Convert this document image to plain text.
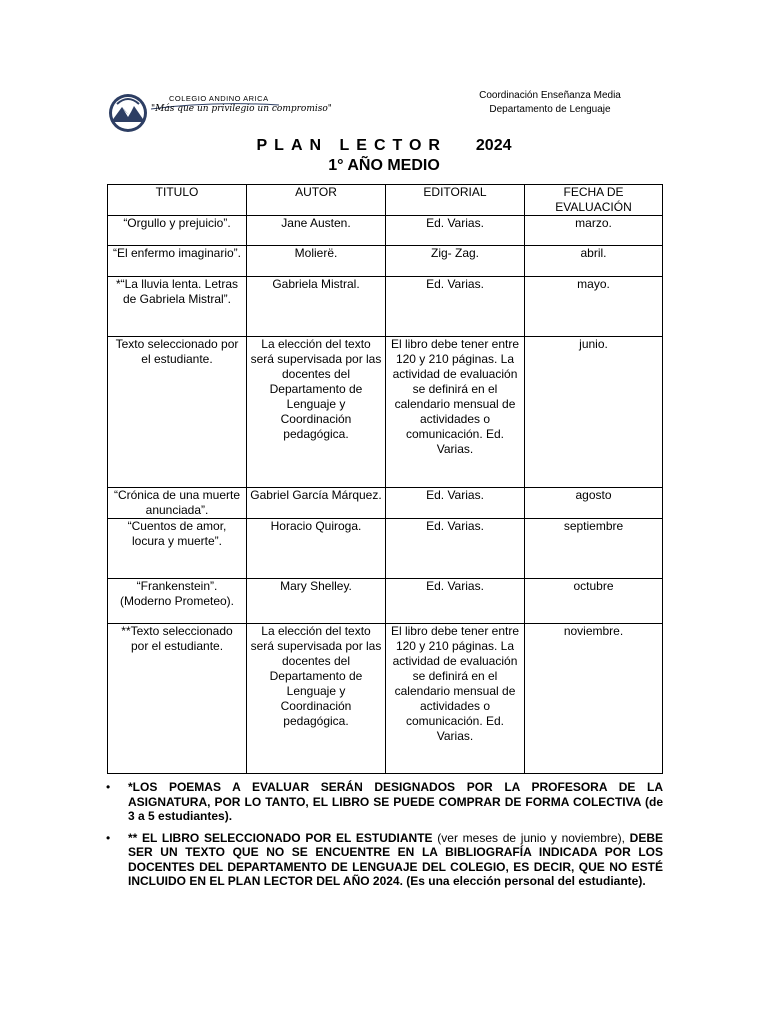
COLEGIO ANDINO ARICA
"Más que un privilegio un compromiso"
Coordinación Enseñanza Media
Departamento de Lenguaje
PLAN LECTOR 2024
1° AÑO MEDIO
TITULO	AUTOR	EDITORIAL	FECHA DE EVALUACIÓN
“Orgullo y prejuicio”.	Jane Austen.	Ed. Varias.	marzo.
“El enfermo imaginario”.	Molierë.	Zig- Zag.	abril.
*“La lluvia lenta. Letras de Gabriela Mistral”.	Gabriela Mistral.	Ed. Varias.	mayo.
Texto seleccionado por el estudiante.	La elección del texto será supervisada por las docentes del Departamento de Lenguaje y Coordinación pedagógica.	El libro debe tener entre 120 y 210 páginas. La actividad de evaluación se definirá en el calendario mensual de actividades o comunicación. Ed. Varias.	junio.
“Crónica de una muerte anunciada”.	Gabriel García Márquez.	Ed. Varias.	agosto
“Cuentos de amor, locura y muerte”.	Horacio Quiroga.	Ed. Varias.	septiembre
“Frankenstein”. (Moderno Prometeo).	Mary Shelley.	Ed. Varias.	octubre
**Texto seleccionado por el estudiante.	La elección del texto será supervisada por las docentes del Departamento de Lenguaje y Coordinación pedagógica.	El libro debe tener entre 120 y 210 páginas. La actividad de evaluación se definirá en el calendario mensual de actividades o comunicación. Ed. Varias.	noviembre.
• *LOS POEMAS A EVALUAR SERÁN DESIGNADOS POR LA PROFESORA DE LA ASIGNATURA, POR LO TANTO, EL LIBRO SE PUEDE COMPRAR DE FORMA COLECTIVA (de 3 a 5 estudiantes).
• ** EL LIBRO SELECCIONADO POR EL ESTUDIANTE (ver meses de junio y noviembre), DEBE SER UN TEXTO QUE NO SE ENCUENTRE EN LA BIBLIOGRAFÍA INDICADA POR LOS DOCENTES DEL DEPARTAMENTO DE LENGUAJE DEL COLEGIO, ES DECIR, QUE NO ESTÉ INCLUIDO EN EL PLAN LECTOR DEL AÑO 2024. (Es una elección personal del estudiante).
